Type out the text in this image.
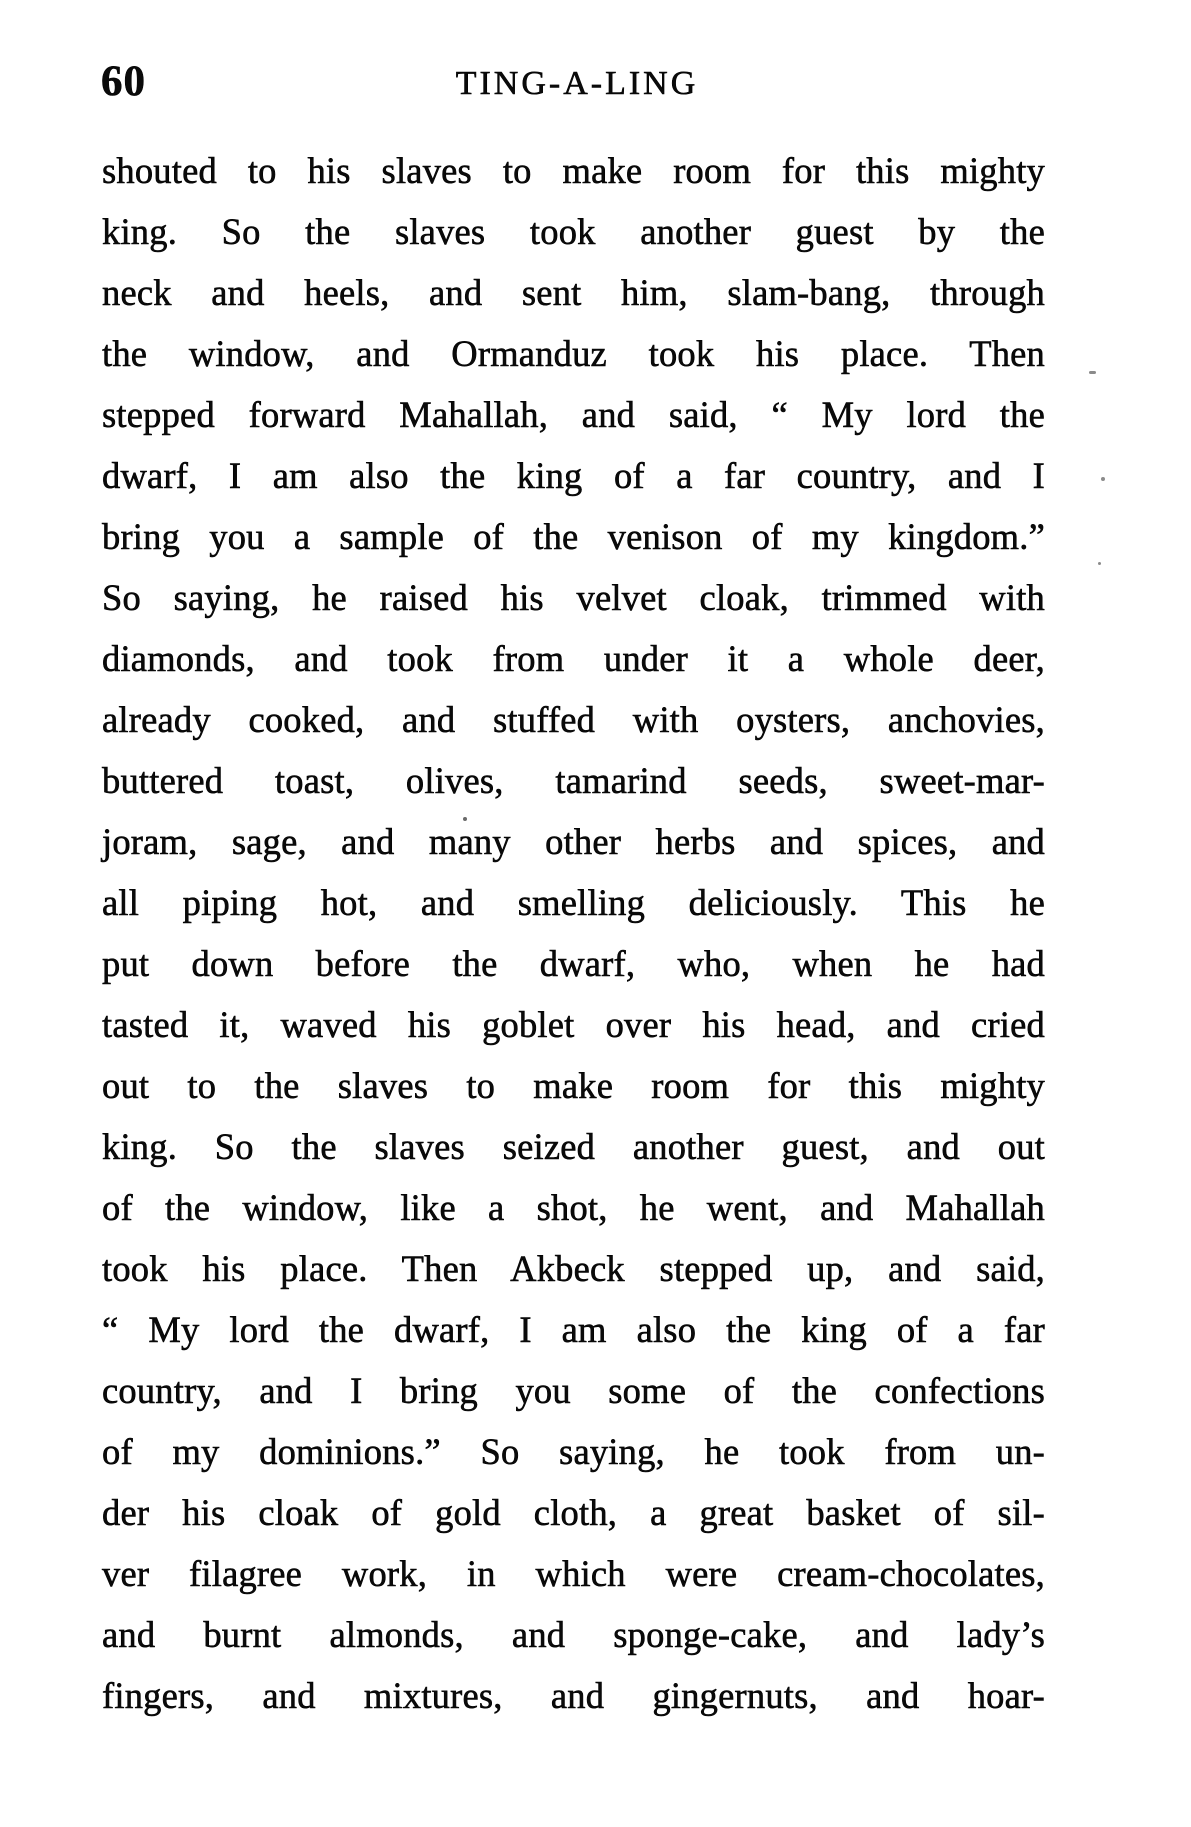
60	TING-A-LING

shouted to his slaves to make room for this mighty

king. So the slaves took another guest by the

neck and heels, and sent him, slam-bang, through

the window, and Ormanduz took his place. Then

stepped forward Mahallah, and said, “ My lord the

dwarf, I am also the king of a far country, and I

bring you a sample of the venison of my kingdom.”

So saying, he raised his velvet cloak, trimmed with

diamonds, and took from under it a whole deer,

already cooked, and stuffed with oysters, anchovies,

buttered toast, olives, tamarind seeds, sweet-mar-

joram, sage, and many other herbs and spices, and

all piping hot, and smelling deliciously. This he

put down before the dwarf, who, when he had

tasted it, waved his goblet over his head, and cried

out to the slaves to make room for this mighty

king. So the slaves seized another guest, and out

of the window, like a shot, he went, and Mahallah

took his place. Then Akbeck stepped up, and said,

“ My lord the dwarf, I am also the king of a far

country, and I bring you some of the confections

of my dominions.” So saying, he took from un-

der his cloak of gold cloth, a great basket of sil-

ver filagree work, in which were cream-chocolates,

and burnt almonds, and sponge-cake, and lady’s

fingers, and mixtures, and gingernuts, and hoar-
